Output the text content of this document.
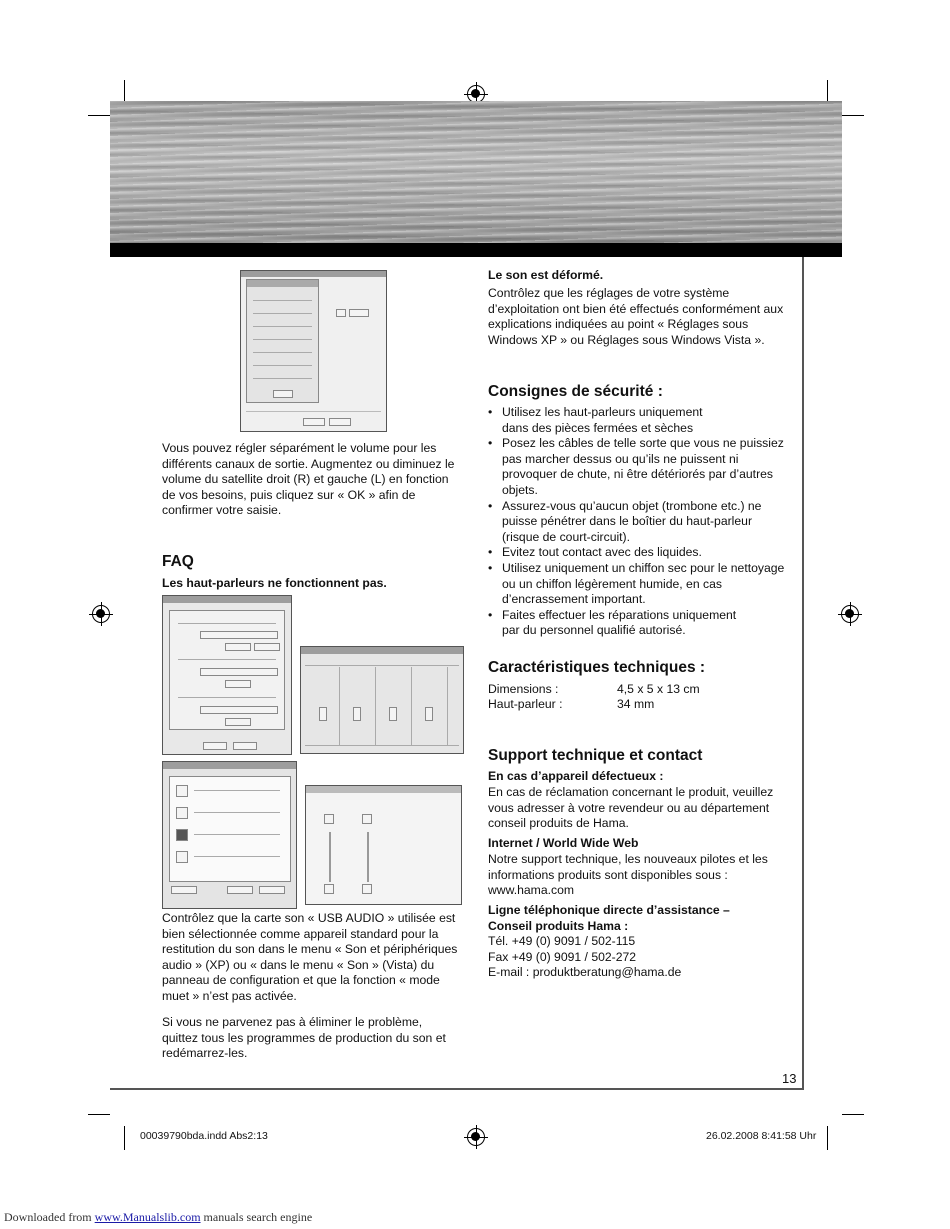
Vous pouvez régler séparément le volume pour les différents canaux de sortie. Augmentez ou diminuez le volume du satellite droit (R) et gauche (L) en fonction de vos besoins, puis cliquez sur « OK » afin de confirmer votre saisie.
FAQ
Les haut-parleurs ne fonctionnent pas.
Contrôlez que la carte son « USB AUDIO » utilisée est bien sélectionnée comme appareil standard pour la restitution du son dans le menu « Son et périphériques audio » (XP) ou « dans le menu « Son » (Vista) du panneau de configuration et que la fonction « mode muet » n’est pas activée.
Si vous ne parvenez pas à éliminer le problème, quittez tous les programmes de production du son et redémarrez-les.
Le son est déformé.
Contrôlez que les réglages de votre système d’exploitation ont bien été effectués conformément aux explications indiquées au point « Réglages sous Windows XP » ou Réglages sous Windows Vista ».
Consignes de sécurité :
• Utilisez les haut-parleurs uniquement dans des pièces fermées et sèches
• Posez les câbles de telle sorte que vous ne puissiez pas marcher dessus ou qu’ils ne puissent ni provoquer de chute, ni être détériorés par d’autres objets.
• Assurez-vous qu’aucun objet (trombone etc.) ne puisse pénétrer dans le boîtier du haut-parleur (risque de court-circuit).
• Evitez tout contact avec des liquides.
• Utilisez uniquement un chiffon sec pour le nettoyage ou un chiffon légèrement humide, en cas d’encrassement important.
• Faites effectuer les réparations uniquement par du personnel qualifié autorisé.
Caractéristiques techniques :
Dimensions :	4,5 x 5 x 13 cm
Haut-parleur :	34 mm
Support technique et contact
En cas d’appareil défectueux :
En cas de réclamation concernant le produit, veuillez vous adresser à votre revendeur ou au département conseil produits de Hama.
Internet / World Wide Web
Notre support technique, les nouveaux pilotes et les informations produits sont disponibles sous :
www.hama.com
Ligne téléphonique directe d’assistance –
Conseil produits Hama :
Tél. +49 (0) 9091 / 502-115
Fax +49 (0) 9091 / 502-272
E-mail : produktberatung@hama.de
13
00039790bda.indd Abs2:13	26.02.2008 8:41:58 Uhr
Downloaded from www.Manualslib.com manuals search engine
